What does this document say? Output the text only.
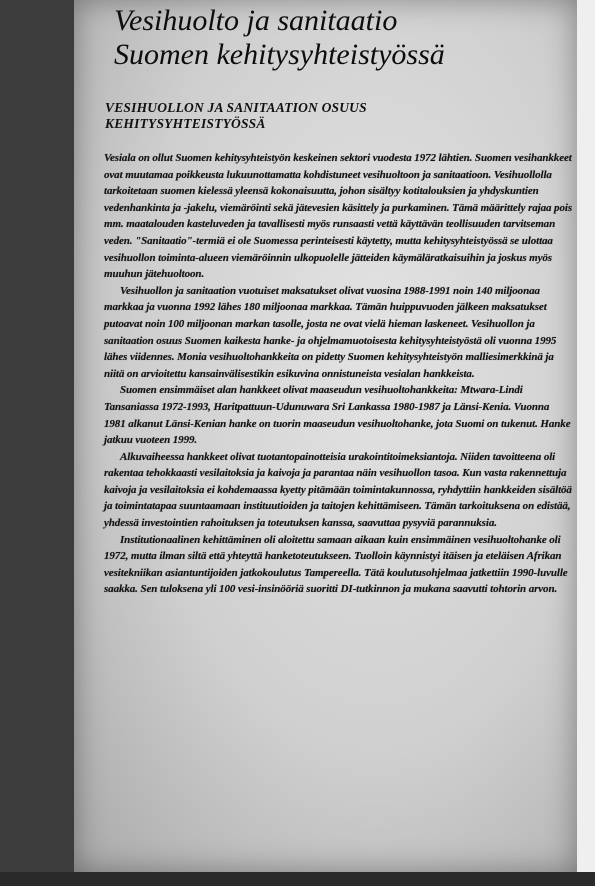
Vesihuolto ja sanitaatio
Suomen kehitysyhteistyössä
VESIHUOLLON JA SANITAATION OSUUS
KEHITYSYHTEISTYÖSSÄ

Vesiala on ollut Suomen kehitysyhteistyön keskeinen sektori vuodesta 1972 lähtien. Suomen vesihankkeet ovat muutamaa poikkeusta lukuunottamatta kohdistuneet vesihuoltoon ja sanitaatioon. Vesihuollolla tarkoitetaan suomen kielessä yleensä kokonaisuutta, johon sisältyy kotitalouksien ja yhdyskuntien vedenhankinta ja -jakelu, viemäröinti sekä jätevesien käsittely ja purkaminen. Tämä määrittely rajaa pois mm. maatalouden kasteluveden ja tavallisesti myös runsaasti vettä käyttävän teollisuuden tarvitseman veden. "Sanitaatio"-termiä ei ole Suomessa perinteisesti käytetty, mutta kehitysyhteistyössä se ulottaa vesihuollon toiminta-alueen viemäröinnin ulkopuolelle jätteiden käymäläratkaisuihin ja joskus myös muuhun jätehuoltoon.

Vesihuollon ja sanitaation vuotuiset maksatukset olivat vuosina 1988-1991 noin 140 miljoonaa markkaa ja vuonna 1992 lähes 180 miljoonaa markkaa. Tämän huippuvuoden jälkeen maksatukset putoavat noin 100 miljoonan markan tasolle, josta ne ovat vielä hieman laskeneet. Vesihuollon ja sanitaation osuus Suomen kaikesta hanke- ja ohjelmamuotoisesta kehitysyhteistyöstä oli vuonna 1995 lähes viidennes. Monia vesihuoltohankkeita on pidetty Suomen kehitysyhteistyön malliesimerkkinä ja niitä on arvioitettu kansainvälisestikin esikuvina onnistuneista vesialan hankkeista.

Suomen ensimmäiset alan hankkeet olivat maaseudun vesihuoltohankkeita: Mtwara-Lindi Tansaniassa 1972-1993, Haritpattuun-Udunuwara Sri Lankassa 1980-1987 ja Länsi-Kenia. Vuonna 1981 alkanut Länsi-Kenian hanke on tuorin maaseudun vesihuoltohanke, jota Suomi on tukenut. Hanke jatkuu vuoteen 1999.

Alkuvaiheessa hankkeet olivat tuotantopainotteisia urakointitoimeksiantoja. Niiden tavoitteena oli rakentaa tehokkaasti vesilaitoksia ja kaivoja ja parantaa näin vesihuollon tasoa. Kun vasta rakennettuja kaivoja ja vesilaitoksia ei kohdemaassa kyetty pitämään toimintakunnossa, ryhdyttiin hankkeiden sisältöä ja toimintatapaa suuntaamaan instituutioiden ja taitojen kehittämiseen. Tämän tarkoituksena on edistää, yhdessä investointien rahoituksen ja toteutuksen kanssa, saavuttaa pysyviä parannuksia.

Institutionaalinen kehittäminen oli aloitettu samaan aikaan kuin ensimmäinen vesihuoltohanke oli 1972, mutta ilman siltä että yhteyttä hanketoteutukseen. Tuolloin käynnistyi itäisen ja eteläisen Afrikan vesitekniikan asiantuntijoiden jatkokoulutus Tampereella. Tätä koulutusohjelmaa jatkettiin 1990-luvulle saakka. Sen tuloksena yli 100 vesi-insinööriä suoritti DI-tutkinnon ja mukana saavutti tohtorin arvon.
